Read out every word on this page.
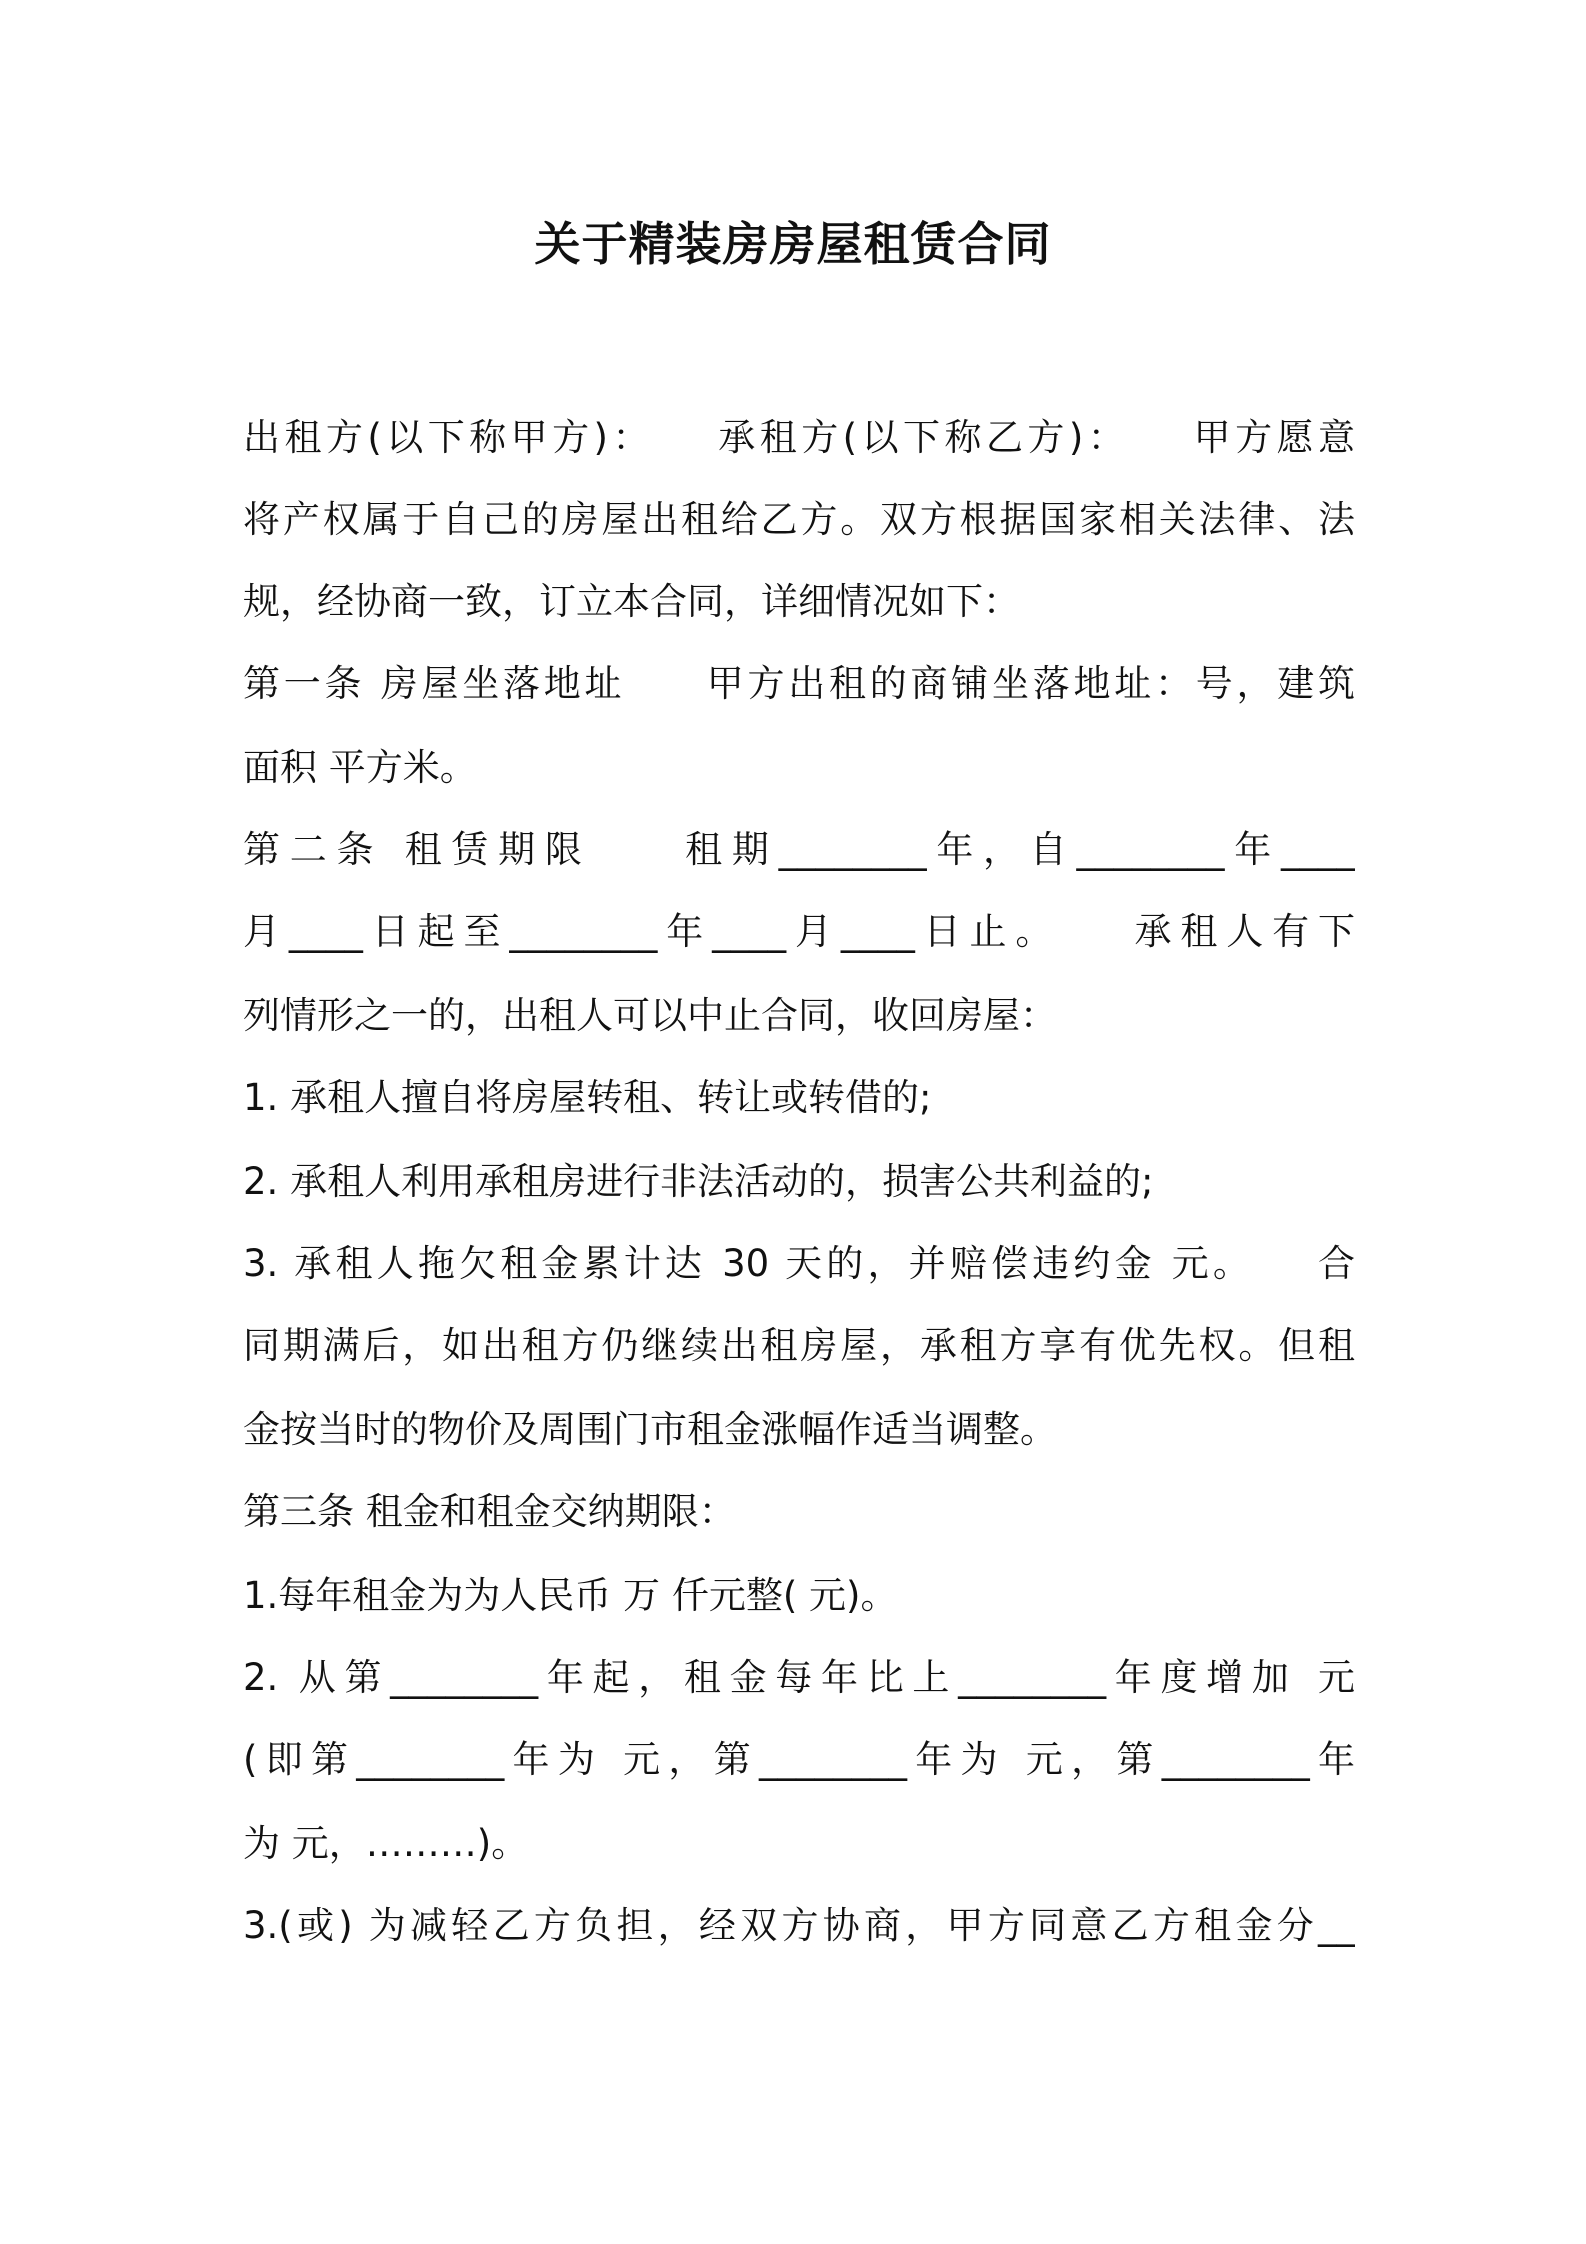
关于精装房房屋租赁合同
出租方(以下称甲方)：　　承租方(以下称乙方)：　　甲方愿意
将产权属于自己的房屋出租给乙方。双方根据国家相关法律、法
规，经协商一致，订立本合同，详细情况如下：
第一条 房屋坐落地址　　甲方出租的商铺坐落地址：号，建筑
面积 平方米。
第二条 租赁期限　　租期________年，自________年____
月____日起至________年____月____日止。　　承租人有下
列情形之一的，出租人可以中止合同，收回房屋：
1. 承租人擅自将房屋转租、转让或转借的;
2. 承租人利用承租房进行非法活动的，损害公共利益的;
3. 承租人拖欠租金累计达 30 天的，并赔偿违约金 元。　　合
同期满后，如出租方仍继续出租房屋，承租方享有优先权。但租
金按当时的物价及周围门市租金涨幅作适当调整。
第三条 租金和租金交纳期限：
1.每年租金为为人民币 万 仟元整( 元)。
2. 从第________年起，租金每年比上________年度增加 元
(即第________年为 元，第________年为 元，第________年
为 元，………)。
3.(或) 为减轻乙方负担，经双方协商，甲方同意乙方租金分__
